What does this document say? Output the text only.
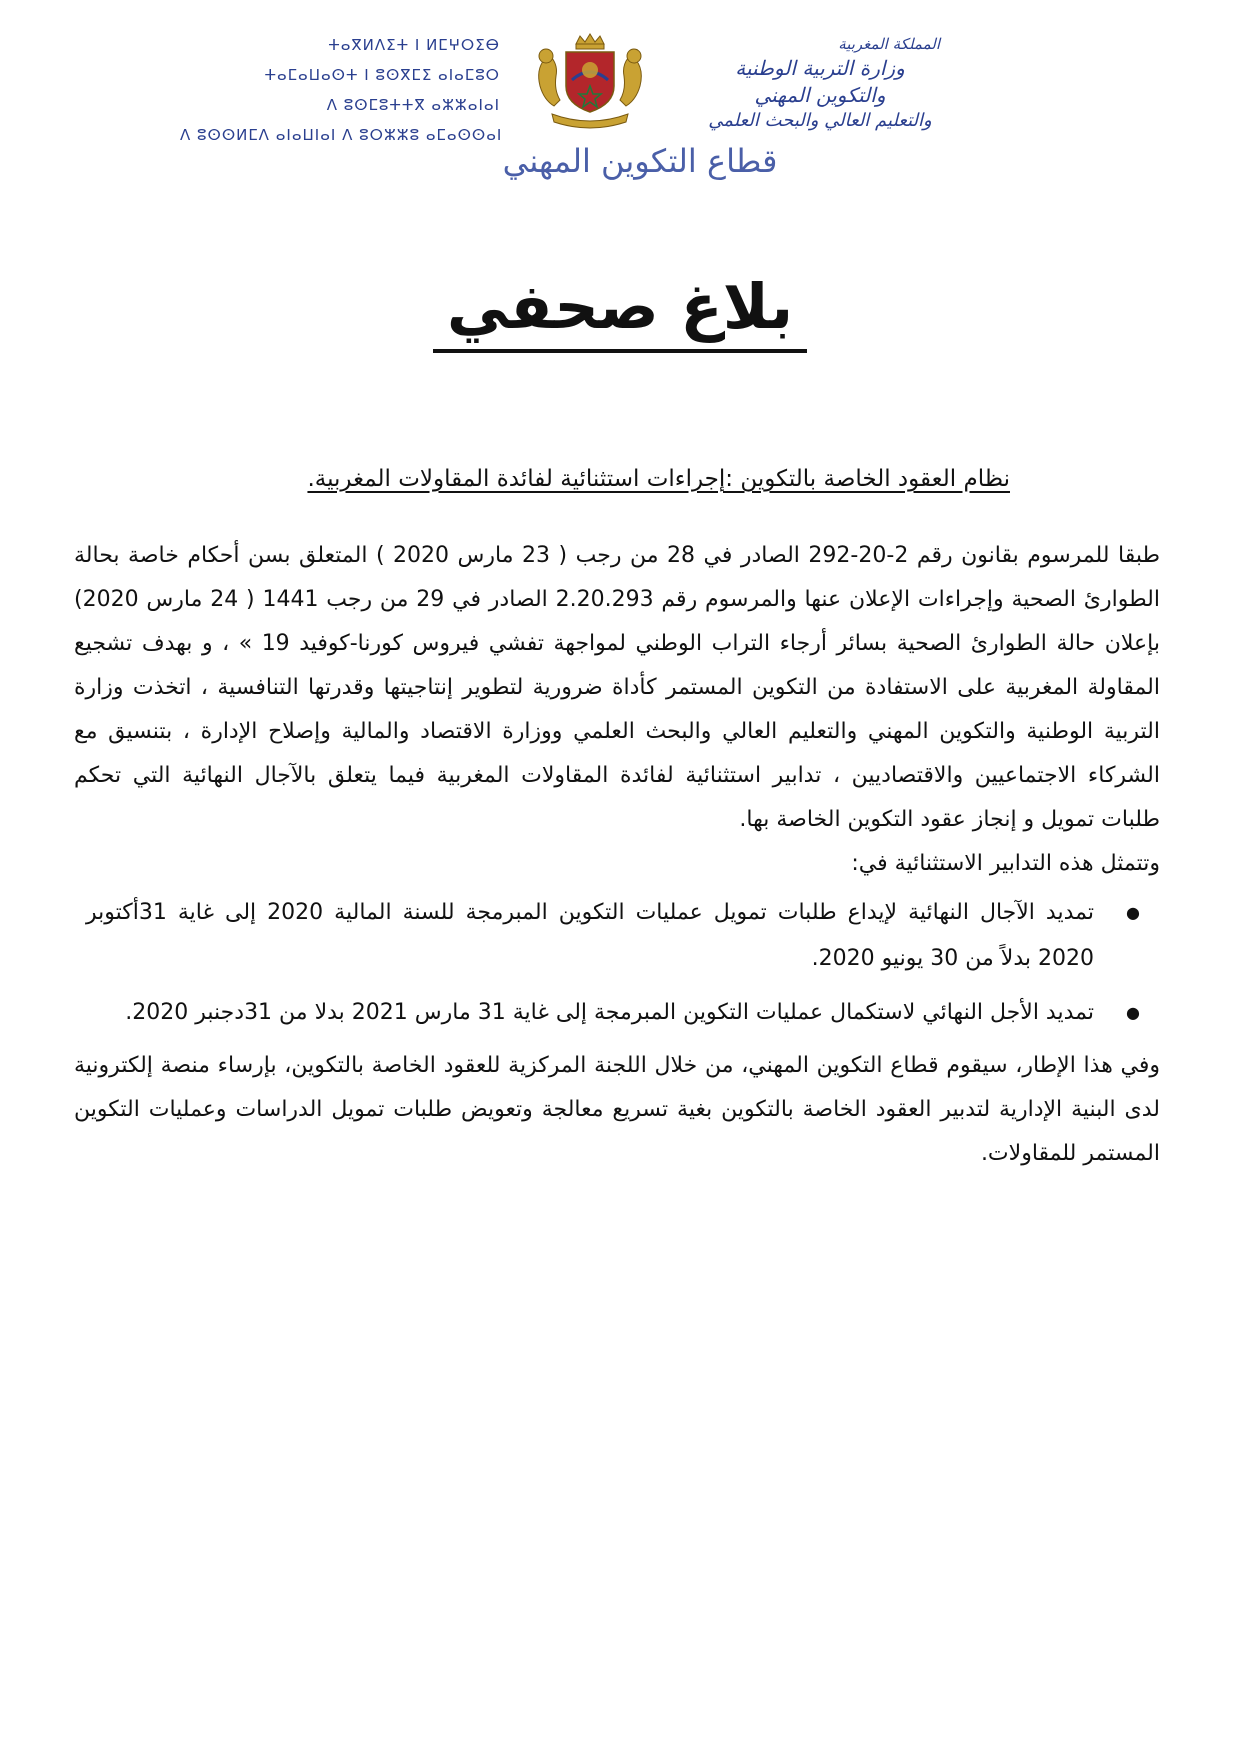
ⵜⴰⴳⵍⴷⵉⵜ ⵏ ⵍⵎⵖⵔⵉⴱ
ⵜⴰⵎⴰⵡⴰⵙⵜ ⵏ ⵓⵙⴳⵎⵉ ⴰⵏⴰⵎⵓⵔ
ⴷ ⵓⵙⵎⵓⵜⵜⴳ ⴰⵣⵣⴰⵏⴰⵏ
ⴷ ⵓⵙⵙⵍⵎⴷ ⴰⵏⴰⵡⵏⴰⵏ ⴷ ⵓⵔⵣⵣⵓ ⴰⵎⴰⵙⵙⴰⵏ
المملكة المغربية
وزارة التربية الوطنية
والتكوين المهني
والتعليم العالي والبحث العلمي
قطاع التكوين المهني
بلاغ صحفي
نظام العقود الخاصة بالتكوين :إجراءات استثنائية لفائدة المقاولات المغربية.

طبقا للمرسوم بقانون رقم 2-20-292 الصادر في 28 من رجب ( 23 مارس 2020 ) المتعلق بسن أحكام خاصة بحالة الطوارئ الصحية وإجراءات الإعلان عنها والمرسوم رقم 2.20.293 الصادر في 29 من رجب 1441 ( 24 مارس 2020) بإعلان حالة الطوارئ الصحية بسائر أرجاء التراب الوطني لمواجهة تفشي فيروس كورنا-كوفيد 19 » ، و بهدف تشجيع المقاولة المغربية على الاستفادة من التكوين المستمر كأداة ضرورية لتطوير إنتاجيتها وقدرتها التنافسية ، اتخذت وزارة التربية الوطنية والتكوين المهني والتعليم العالي والبحث العلمي ووزارة الاقتصاد والمالية وإصلاح الإدارة ، بتنسيق مع الشركاء الاجتماعيين والاقتصاديين ، تدابير استثنائية لفائدة المقاولات المغربية فيما يتعلق بالآجال النهائية التي تحكم طلبات تمويل و إنجاز عقود التكوين الخاصة بها.

وتتمثل هذه التدابير الاستثنائية في:

● تمديد الآجال النهائية لإيداع طلبات تمويل عمليات التكوين المبرمجة للسنة المالية 2020 إلى غاية 31أكتوبر 2020 بدلاً من 30 يونيو 2020.
● تمديد الأجل النهائي لاستكمال عمليات التكوين المبرمجة إلى غاية 31 مارس 2021 بدلا من 31دجنبر 2020.

وفي هذا الإطار، سيقوم قطاع التكوين المهني، من خلال اللجنة المركزية للعقود الخاصة بالتكوين، بإرساء منصة إلكترونية لدى البنية الإدارية لتدبير العقود الخاصة بالتكوين بغية تسريع معالجة وتعويض طلبات تمويل الدراسات وعمليات التكوين المستمر للمقاولات.
